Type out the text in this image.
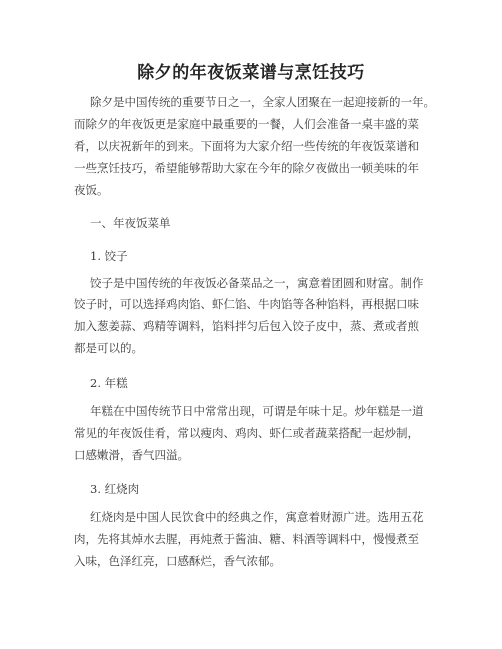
除夕的年夜饭菜谱与烹饪技巧
除夕是中国传统的重要节日之一，全家人团聚在一起迎接新的一年。
而除夕的年夜饭更是家庭中最重要的一餐，人们会准备一桌丰盛的菜
肴，以庆祝新年的到来。下面将为大家介绍一些传统的年夜饭菜谱和
一些烹饪技巧，希望能够帮助大家在今年的除夕夜做出一顿美味的年
夜饭。
一、年夜饭菜单
1. 饺子
饺子是中国传统的年夜饭必备菜品之一，寓意着团圆和财富。制作
饺子时，可以选择鸡肉馅、虾仁馅、牛肉馅等各种馅料，再根据口味
加入葱姜蒜、鸡精等调料，馅料拌匀后包入饺子皮中，蒸、煮或者煎
都是可以的。
2. 年糕
年糕在中国传统节日中常常出现，可谓是年味十足。炒年糕是一道
常见的年夜饭佳肴，常以瘦肉、鸡肉、虾仁或者蔬菜搭配一起炒制，
口感嫩滑，香气四溢。
3. 红烧肉
红烧肉是中国人民饮食中的经典之作，寓意着财源广进。选用五花
肉，先将其焯水去腥，再炖煮于酱油、糖、料酒等调料中，慢慢煮至
入味，色泽红亮，口感酥烂，香气浓郁。
